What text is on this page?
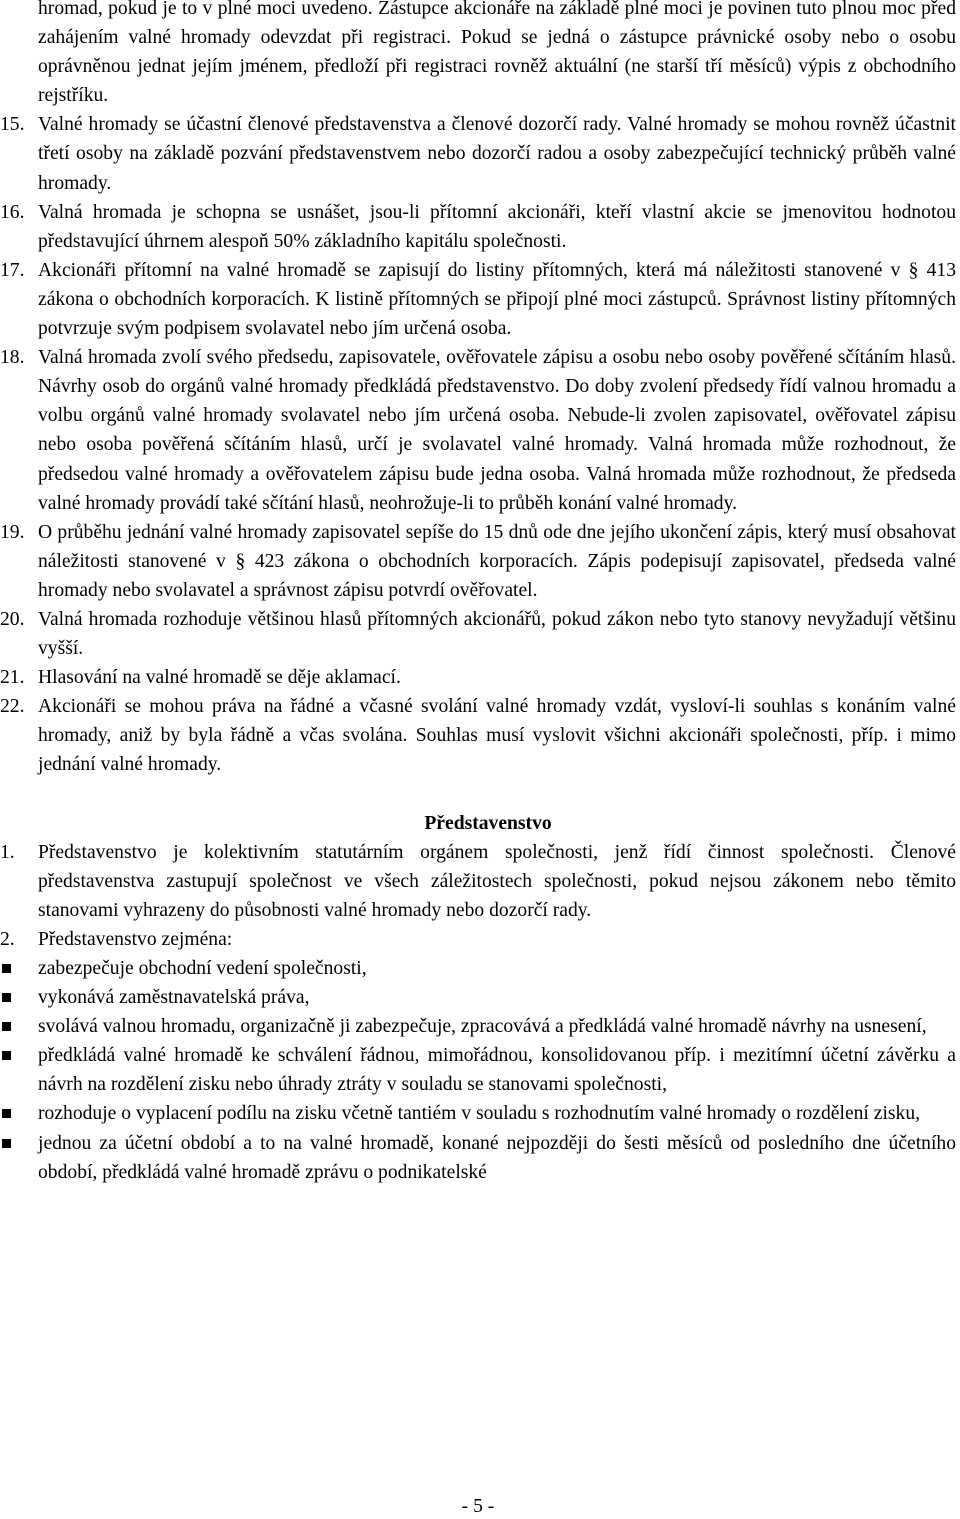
hromad, pokud je to v plné moci uvedeno. Zástupce akcionáře na základě plné moci je povinen tuto plnou moc před zahájením valné hromady odevzdat při registraci. Pokud se jedná o zástupce právnické osoby nebo o osobu oprávněnou jednat jejím jménem, předloží při registraci rovněž aktuální (ne starší tří měsíců) výpis z obchodního rejstříku.

15. Valné hromady se účastní členové představenstva a členové dozorčí rady. Valné hromady se mohou rovněž účastnit třetí osoby na základě pozvání představenstvem nebo dozorčí radou a osoby zabezpečující technický průběh valné hromady.

16. Valná hromada je schopna se usnášet, jsou-li přítomní akcionáři, kteří vlastní akcie se jmenovitou hodnotou představující úhrnem alespoň 50% základního kapitálu společnosti.

17. Akcionáři přítomní na valné hromadě se zapisují do listiny přítomných, která má náležitosti stanovené v § 413 zákona o obchodních korporacích. K listině přítomných se připojí plné moci zástupců. Správnost listiny přítomných potvrzuje svým podpisem svolavatel nebo jím určená osoba.

18. Valná hromada zvolí svého předsedu, zapisovatele, ověřovatele zápisu a osobu nebo osoby pověřené sčítáním hlasů. Návrhy osob do orgánů valné hromady předkládá představenstvo. Do doby zvolení předsedy řídí valnou hromadu a volbu orgánů valné hromady svolavatel nebo jím určená osoba. Nebude-li zvolen zapisovatel, ověřovatel zápisu nebo osoba pověřená sčítáním hlasů, určí je svolavatel valné hromady. Valná hromada může rozhodnout, že předsedou valné hromady a ověřovatelem zápisu bude jedna osoba. Valná hromada může rozhodnout, že předseda valné hromady provádí také sčítání hlasů, neohrožuje-li to průběh konání valné hromady.

19. O průběhu jednání valné hromady zapisovatel sepíše do 15 dnů ode dne jejího ukončení zápis, který musí obsahovat náležitosti stanovené v § 423 zákona o obchodních korporacích. Zápis podepisují zapisovatel, předseda valné hromady nebo svolavatel a správnost zápisu potvrdí ověřovatel.

20. Valná hromada rozhoduje většinou hlasů přítomných akcionářů, pokud zákon nebo tyto stanovy nevyžadují většinu vyšší.

21. Hlasování na valné hromadě se děje aklamací.

22. Akcionáři se mohou práva na řádné a včasné svolání valné hromady vzdát, vysloví-li souhlas s konáním valné hromady, aniž by byla řádně a včas svolána. Souhlas musí vyslovit všichni akcionáři společnosti, příp. i mimo jednání valné hromady.

Představenstvo

1. Představenstvo je kolektivním statutárním orgánem společnosti, jenž řídí činnost společnosti. Členové představenstva zastupují společnost ve všech záležitostech společnosti, pokud nejsou zákonem nebo těmito stanovami vyhrazeny do působnosti valné hromady nebo dozorčí rady.

2. Představenstvo zejména:

zabezpečuje obchodní vedení společnosti,

vykonává zaměstnavatelská práva,

svolává valnou hromadu, organizačně ji zabezpečuje, zpracovává a předkládá valné hromadě návrhy na usnesení,

předkládá valné hromadě ke schválení řádnou, mimořádnou, konsolidovanou příp. i mezitímní účetní závěrku a návrh na rozdělení zisku nebo úhrady ztráty v souladu se stanovami společnosti,

rozhoduje o vyplacení podílu na zisku včetně tantiém v souladu s rozhodnutím valné hromady o rozdělení zisku,

jednou za účetní období a to na valné hromadě, konané nejpozději do šesti měsíců od posledního dne účetního období, předkládá valné hromadě zprávu o podnikatelské

- 5 -
